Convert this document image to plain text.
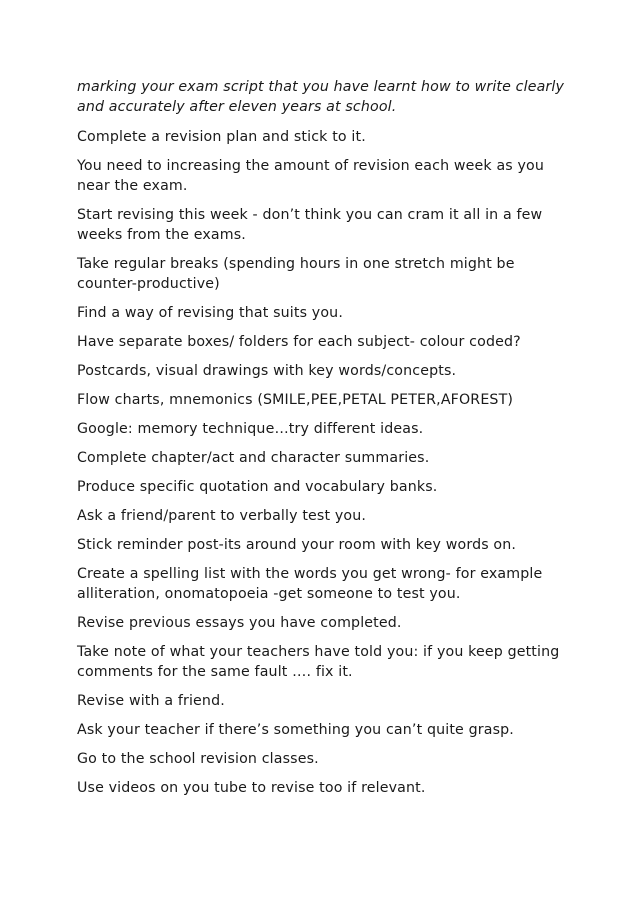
marking your exam script that you have learnt how to write clearly and accurately after eleven years at school.

Complete a revision plan and stick to it.

You need to increasing the amount of revision each week as you near the exam.

Start revising this week - don’t think you can cram it all in a few weeks from the exams.

Take regular breaks (spending hours in one stretch might be counter-productive)

Find a way of revising that suits you.

Have separate boxes/ folders for each subject- colour coded?

Postcards, visual drawings with key words/concepts.

Flow charts, mnemonics (SMILE,PEE,PETAL PETER,AFOREST)

Google: memory technique…try different ideas.

Complete chapter/act and character summaries.

Produce specific quotation and vocabulary banks.

Ask a friend/parent to verbally test you.

Stick reminder post-its around your room with key words on.

Create a spelling list with the words you get wrong- for example alliteration, onomatopoeia -get someone to test you.

Revise previous essays you have completed.

Take note of what your teachers have told you: if you keep getting comments for the same fault …. fix it.

Revise with a friend.

Ask your teacher if there’s something you can’t quite grasp.

Go to the school revision classes.

Use videos on you tube to revise too if relevant.
